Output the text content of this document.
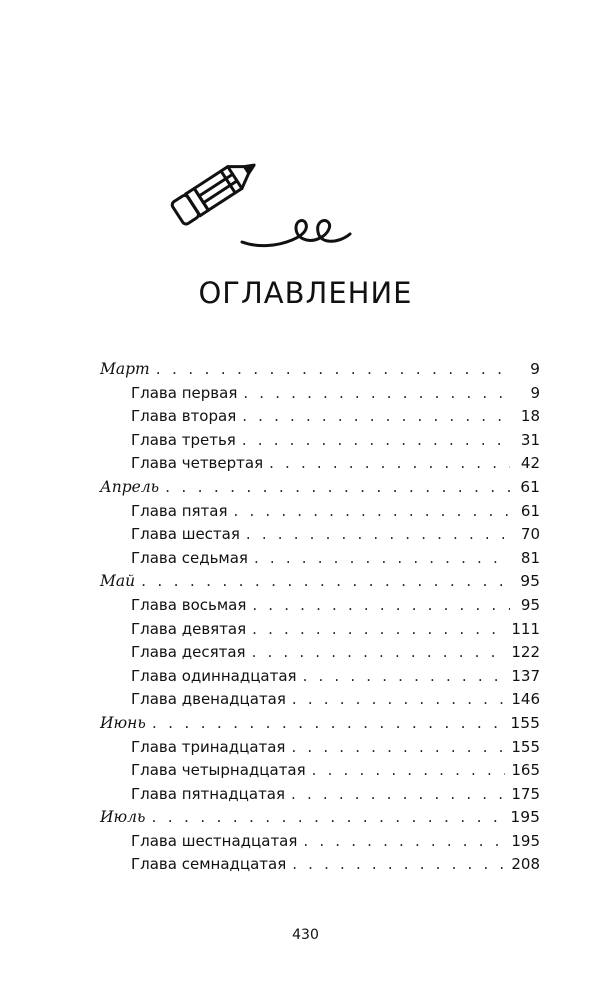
ОГЛАВЛЕНИЕ
Март . . .	9
Глава первая . . .	9
Глава вторая . . .	18
Глава третья . . .	31
Глава четвертая . . .	42
Апрель . . .	61
Глава пятая . . .	61
Глава шестая . . .	70
Глава седьмая . . .	81
Май . . .	95
Глава восьмая . . .	95
Глава девятая . . .	111
Глава десятая . . .	122
Глава одиннадцатая . . .	137
Глава двенадцатая . . .	146
Июнь . . .	155
Глава тринадцатая . . .	155
Глава четырнадцатая . . .	165
Глава пятнадцатая . . .	175
Июль . . .	195
Глава шестнадцатая . . .	195
Глава семнадцатая . . .	208
430
